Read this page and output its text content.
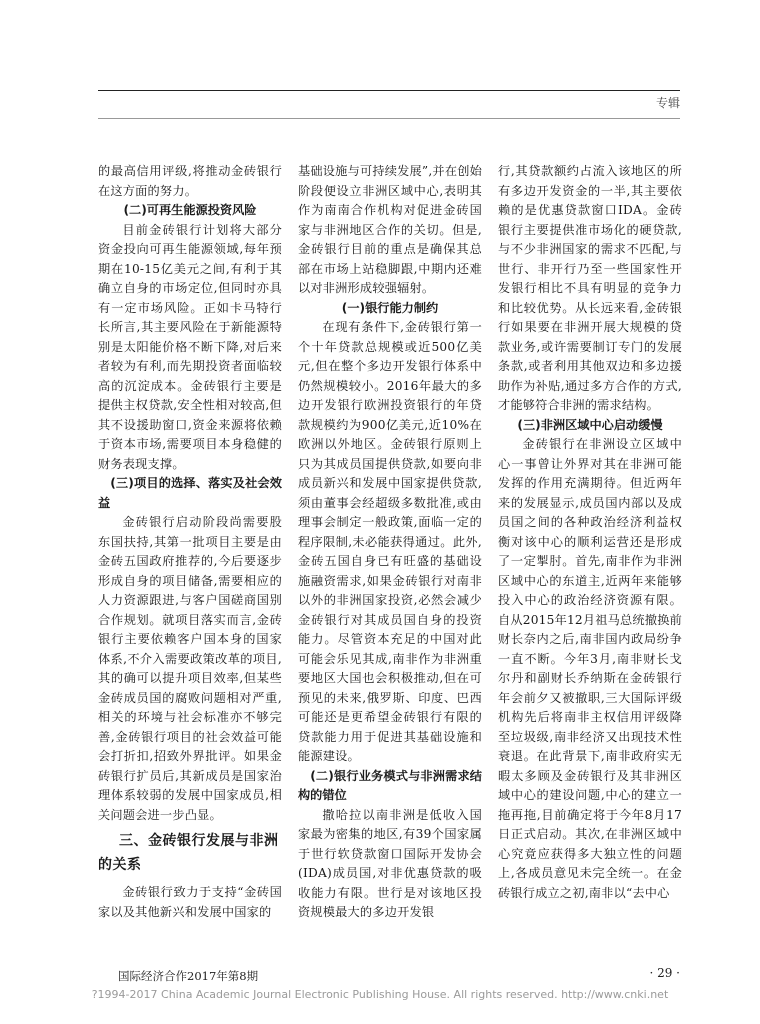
专辑

的最高信用评级,将推动金砖银行在这方面的努力。

(二)可再生能源投资风险

目前金砖银行计划将大部分资金投向可再生能源领域,每年预期在10-15亿美元之间,有利于其确立自身的市场定位,但同时亦具有一定市场风险。正如卡马特行长所言,其主要风险在于新能源特别是太阳能价格不断下降,对后来者较为有利,而先期投资者面临较高的沉淀成本。金砖银行主要是提供主权贷款,安全性相对较高,但其不设援助窗口,资金来源将依赖于资本市场,需要项目本身稳健的财务表现支撑。

(三)项目的选择、落实及社会效益

金砖银行启动阶段尚需要股东国扶持,其第一批项目主要是由金砖五国政府推荐的,今后要逐步形成自身的项目储备,需要相应的人力资源跟进,与客户国磋商国别合作规划。就项目落实而言,金砖银行主要依赖客户国本身的国家体系,不介入需要政策改革的项目,其的确可以提升项目效率,但某些金砖成员国的腐败问题相对严重,相关的环境与社会标准亦不够完善,金砖银行项目的社会效益可能会打折扣,招致外界批评。如果金砖银行扩员后,其新成员是国家治理体系较弱的发展中国家成员,相关问题会进一步凸显。

三、金砖银行发展与非洲的关系

金砖银行致力于支持“金砖国家以及其他新兴和发展中国家的

基础设施与可持续发展”,并在创始阶段便设立非洲区域中心,表明其作为南南合作机构对促进金砖国家与非洲地区合作的关切。但是,金砖银行目前的重点是确保其总部在市场上站稳脚跟,中期内还难以对非洲形成较强辐射。

(一)银行能力制约

在现有条件下,金砖银行第一个十年贷款总规模或近500亿美元,但在整个多边开发银行体系中仍然规模较小。2016年最大的多边开发银行欧洲投资银行的年贷款规模约为900亿美元,近10%在欧洲以外地区。金砖银行原则上只为其成员国提供贷款,如要向非成员新兴和发展中国家提供贷款,须由董事会经超级多数批准,或由理事会制定一般政策,面临一定的程序限制,未必能获得通过。此外,金砖五国自身已有旺盛的基础设施融资需求,如果金砖银行对南非以外的非洲国家投资,必然会减少金砖银行对其成员国自身的投资能力。尽管资本充足的中国对此可能会乐见其成,南非作为非洲重要地区大国也会积极推动,但在可预见的未来,俄罗斯、印度、巴西可能还是更希望金砖银行有限的贷款能力用于促进其基础设施和能源建设。

(二)银行业务模式与非洲需求结构的错位

撒哈拉以南非洲是低收入国家最为密集的地区,有39个国家属于世行软贷款窗口国际开发协会(IDA)成员国,对非优惠贷款的吸收能力有限。世行是对该地区投资规模最大的多边开发银

行,其贷款额约占流入该地区的所有多边开发资金的一半,其主要依赖的是优惠贷款窗口IDA。金砖银行主要提供准市场化的硬贷款,与不少非洲国家的需求不匹配,与世行、非开行乃至一些国家性开发银行相比不具有明显的竞争力和比较优势。从长远来看,金砖银行如果要在非洲开展大规模的贷款业务,或许需要制订专门的发展条款,或者利用其他双边和多边援助作为补贴,通过多方合作的方式,才能够符合非洲的需求结构。

(三)非洲区域中心启动缓慢

金砖银行在非洲设立区域中心一事曾让外界对其在非洲可能发挥的作用充满期待。但近两年来的发展显示,成员国内部以及成员国之间的各种政治经济利益权衡对该中心的顺利运营还是形成了一定掣肘。首先,南非作为非洲区域中心的东道主,近两年来能够投入中心的政治经济资源有限。自从2015年12月祖马总统撤换前财长奈内之后,南非国内政局纷争一直不断。今年3月,南非财长戈尔丹和副财长乔纳斯在金砖银行年会前夕又被撤职,三大国际评级机构先后将南非主权信用评级降至垃圾级,南非经济又出现技术性衰退。在此背景下,南非政府实无暇太多顾及金砖银行及其非洲区域中心的建设问题,中心的建立一拖再拖,目前确定将于今年8月17日正式启动。其次,在非洲区域中心究竟应获得多大独立性的问题上,各成员意见未完全统一。在金砖银行成立之初,南非以“去中心

国际经济合作2017年第8期	· 29 ·
?1994-2017 China Academic Journal Electronic Publishing House. All rights reserved. http://www.cnki.net
